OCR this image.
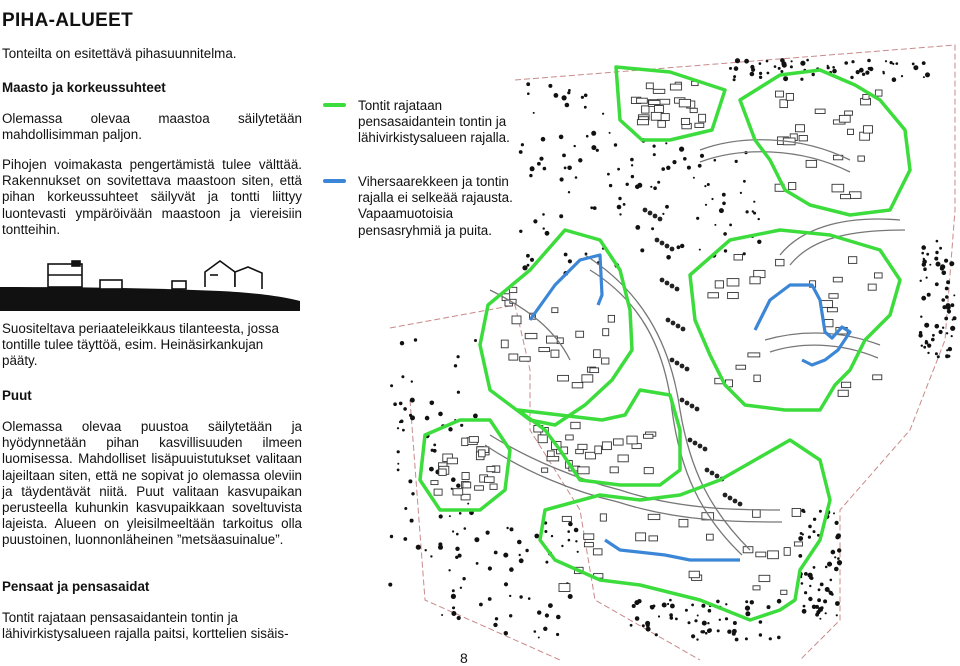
PIHA-ALUEET
Tonteilta on esitettävä pihasuunnitelma.
Maasto ja korkeussuhteet
Olemassa olevaa maastoa säilytetään mahdollisimman paljon.
Pihojen voimakasta pengertämistä tulee välttää. Rakennukset on sovitettava maastoon siten, että pihan korkeussuhteet säilyvät ja tontti liittyy luontevasti ympäröivään maastoon ja viereisiin tontteihin.
Suositeltava periaateleikkaus tilanteesta, jossa tontille tulee täyttöä, esim. Heinäsirkankujan pääty.
Puut
Olemassa olevaa puustoa säilytetään ja hyödynnetään pihan kasvillisuuden ilmeen luomisessa. Mahdolliset lisäpuuistutukset valitaan lajeiltaan siten, että ne sopivat jo olemassa oleviin ja täydentävät niitä. Puut valitaan kasvupaikan perusteella kuhunkin kasvupaikkaan soveltuvista lajeista. Alueen on yleisilmeeltään tarkoitus olla puustoinen, luonnonläheinen ”metsäasuinalue”.
Pensaat ja pensasaidat
Tontit rajataan pensasaidantein tontin ja lähivirkistysalueen rajalla paitsi, korttelien sisäis-
Tontit rajataan pensasaidantein tontin ja lähivirkistysalueen rajalla.
Vihersaarekkeen ja tontin rajalla ei selkeää rajausta. Vapaamuotoisia pensasryhmiä ja puita.
8
